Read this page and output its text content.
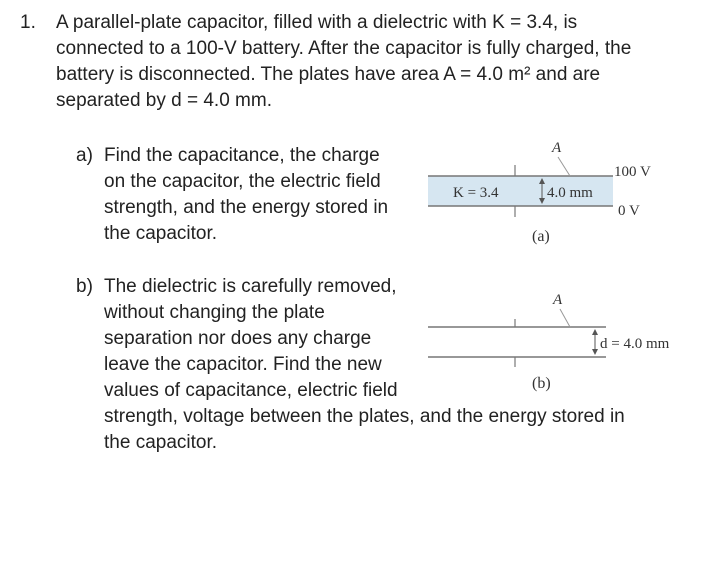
1. A parallel-plate capacitor, filled with a dielectric with K = 3.4, is
connected to a 100-V battery. After the capacitor is fully charged, the
battery is disconnected. The plates have area A = 4.0 m² and are
separated by d = 4.0 mm.
a) Find the capacitance, the charge
on the capacitor, the electric field
strength, and the energy stored in
the capacitor.
b) The dielectric is carefully removed,
without changing the plate
separation nor does any charge
leave the capacitor. Find the new
values of capacitance, electric field
strength, voltage between the plates, and the energy stored in
the capacitor.
A
100 V
0 V
K = 3.4	4.0 mm
(a)
A
d = 4.0 mm
(b)
